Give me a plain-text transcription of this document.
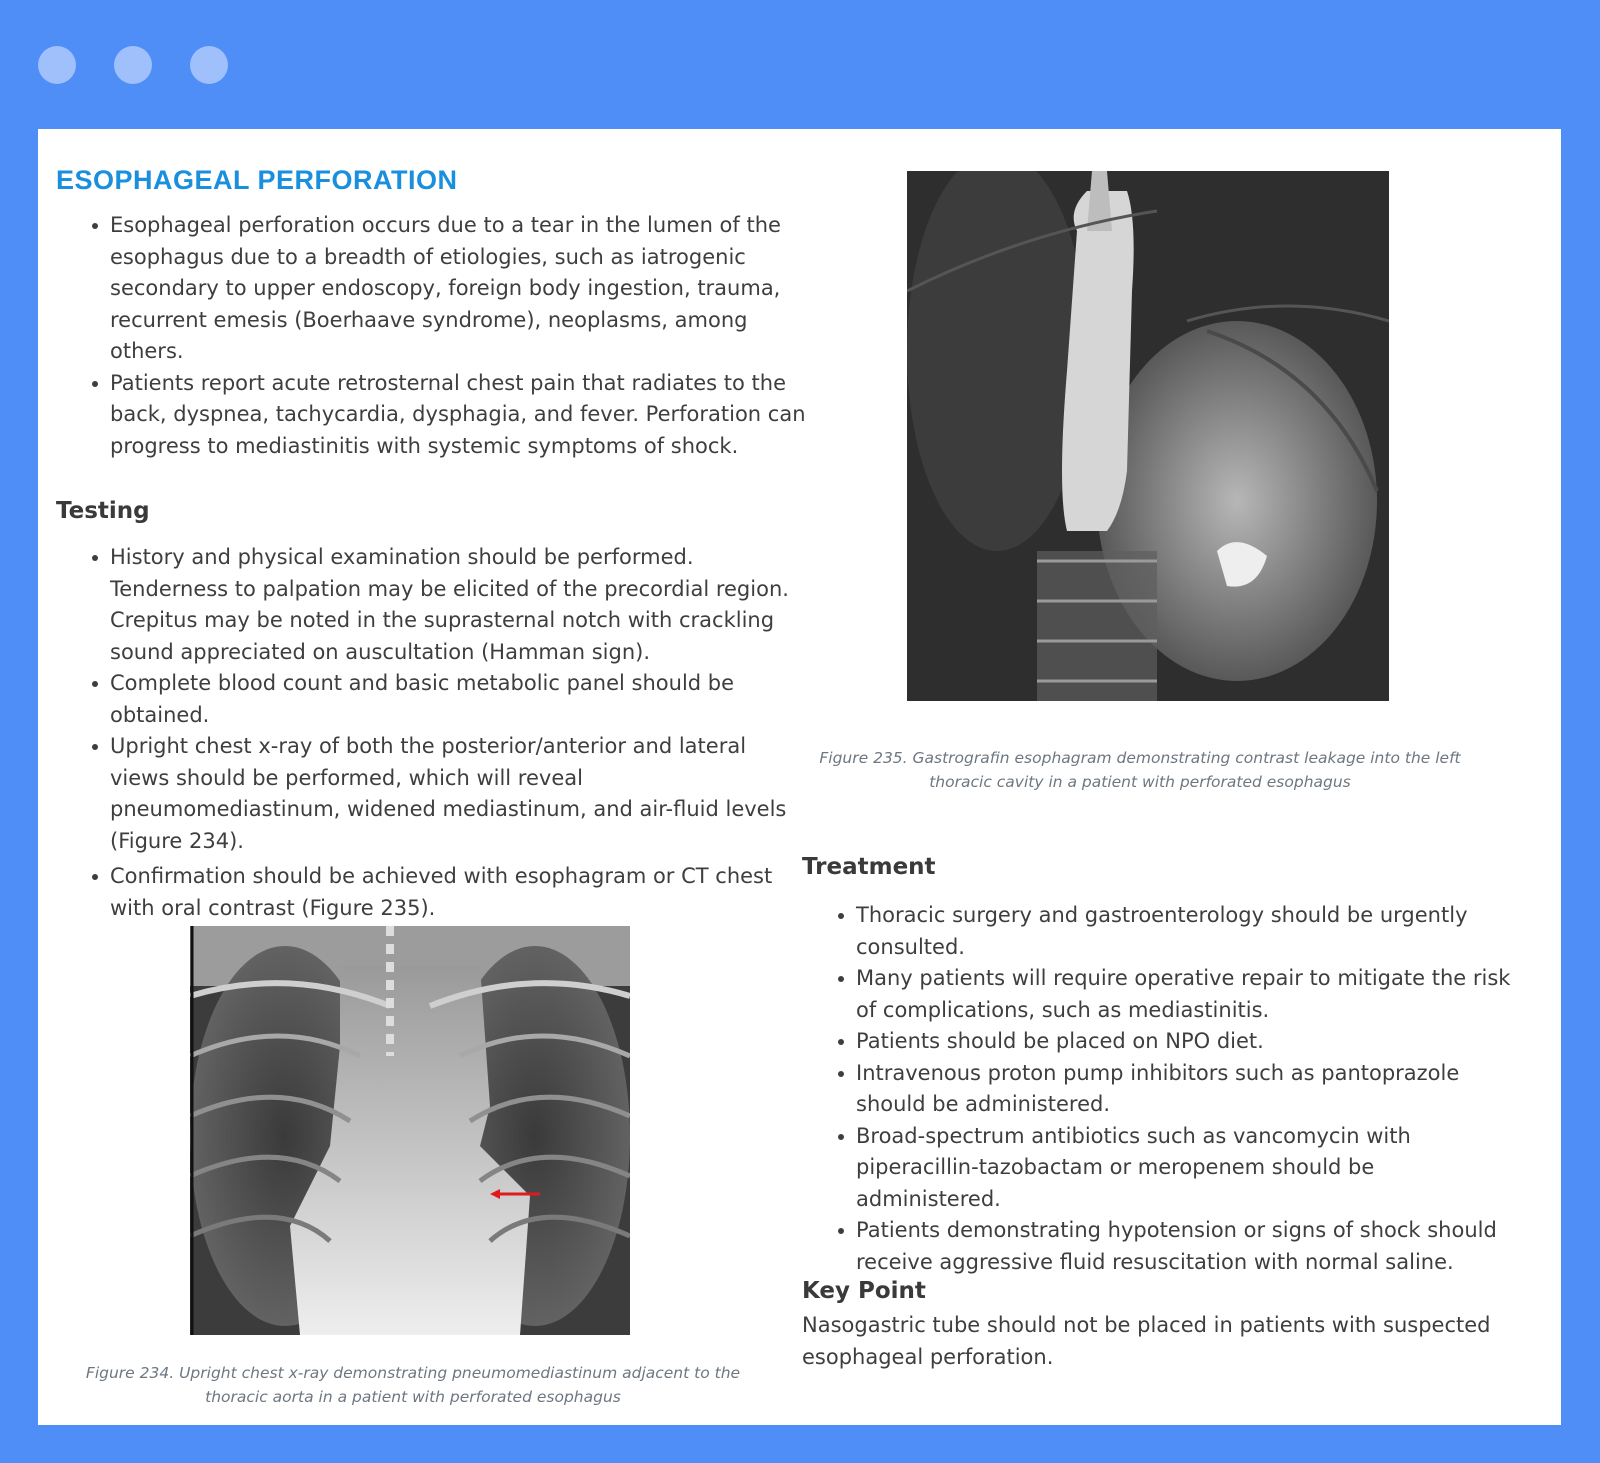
ESOPHAGEAL PERFORATION
Esophageal perforation occurs due to a tear in the lumen of the esophagus due to a breadth of etiologies, such as iatrogenic secondary to upper endoscopy, foreign body ingestion, trauma, recurrent emesis (Boerhaave syndrome), neoplasms, among others.
Patients report acute retrosternal chest pain that radiates to the back, dyspnea, tachycardia, dysphagia, and fever. Perforation can progress to mediastinitis with systemic symptoms of shock.
Testing
History and physical examination should be performed. Tenderness to palpation may be elicited of the precordial region. Crepitus may be noted in the suprasternal notch with crackling sound appreciated on auscultation (Hamman sign).
Complete blood count and basic metabolic panel should be obtained.
Upright chest x-ray of both the posterior/anterior and lateral views should be performed, which will reveal pneumomediastinum, widened mediastinum, and air-fluid levels (Figure 234).
Confirmation should be achieved with esophagram or CT chest with oral contrast (Figure 235).
Figure 234. Upright chest x-ray demonstrating pneumomediastinum adjacent to the thoracic aorta in a patient with perforated esophagus
Figure 235. Gastrografin esophagram demonstrating contrast leakage into the left thoracic cavity in a patient with perforated esophagus
Treatment
Thoracic surgery and gastroenterology should be urgently consulted.
Many patients will require operative repair to mitigate the risk of complications, such as mediastinitis.
Patients should be placed on NPO diet.
Intravenous proton pump inhibitors such as pantoprazole should be administered.
Broad-spectrum antibiotics such as vancomycin with piperacillin-tazobactam or meropenem should be administered.
Patients demonstrating hypotension or signs of shock should receive aggressive fluid resuscitation with normal saline.
Key Point

Nasogastric tube should not be placed in patients with suspected esophageal perforation.
